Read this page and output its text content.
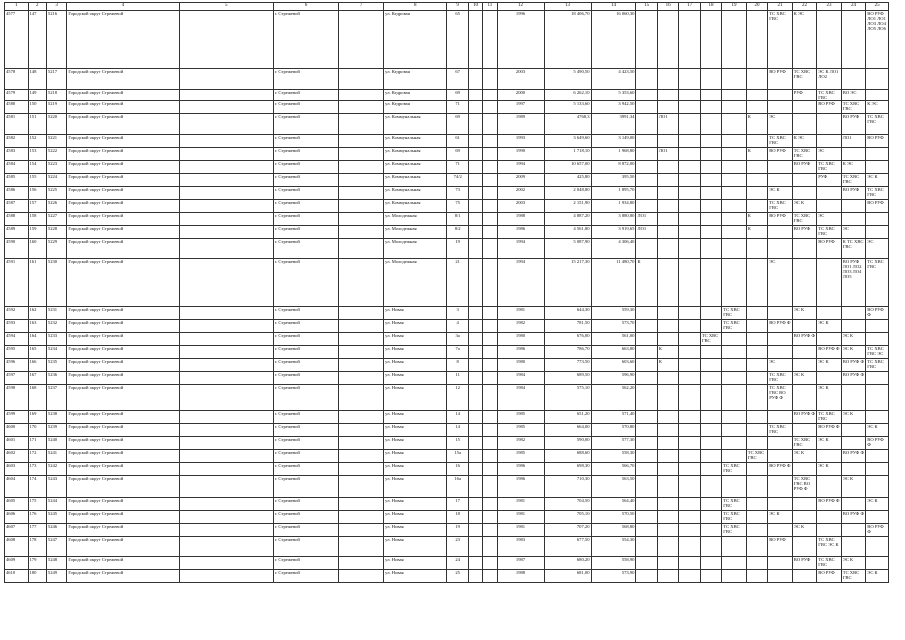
1	2	3	4	5	6	7	8	9	10	11	12	13	14	15	16	17	18	19	20	21	22	23	24	25
4577	147	5216	Городской округ Стрежевой		г. Стрежевой		ул. Кедровая	65			1996	18 406,70	16 060,30							ТС ХВС ГВС	К ЭС			ВО РУФ ЛО1 ЛО1 ЛО3 ЛО4 ЛО5 ЛО6
4578	148	5217	Городской округ Стрежевой		г. Стрежевой		ул. Кедровая	67			2003	5 490,50	4 423,50							ВО РУФ	ТС ХВС ГВС	ЭС К ЛО1 ЛО2		
4579	149	5218	Городской округ Стрежевой		г. Стрежевой		ул. Кедровая	69			2000	6 262,10	5 353,60								РУФ	ТС ХВС ГВС	ВО ЭС	
4580	150	5219	Городской округ Стрежевой		г. Стрежевой		ул. Кедровая	71			1997	5 133,60	3 942,50									ВО РУФ	ТС ХВС ГВС	К ЭС
4581	151	5220	Городской округ Стрежевой		г. Стрежевой		ул. Коммунальная	69			1989	4768,3	3991,34		ЛО1				К	ЭС			ВО РУФ	ТС ХВС ГВС
4582	152	5221	Городской округ Стрежевой		г. Стрежевой		ул. Коммунальная	61			1993	3 649,60	3 149,00							ТС ХВС ГВС	К ЭС		ЛО1	ВО РУФ
4583	153	5222	Городской округ Стрежевой		г. Стрежевой		ул. Коммунальная	69			1990	1 718,10	1 968,80		ЛО1				К	ВО РУФ	ТС ХВС ГВС	ЭС		
4584	154	5223	Городской округ Стрежевой		г. Стрежевой		ул. Коммунальная	71			1994	10 657,00	8 872,00								ВО РУФ	ТС ХВС ГВС	К ЭС	
4585	155	5224	Городской округ Стрежевой		г. Стрежевой		ул. Коммунальная	74/2			2009	425,80	395,50									РУФ	ТС ХВС ГВС	ЭС К
4586	156	5225	Городской округ Стрежевой		г. Стрежевой		ул. Коммунальная	73			2002	2 048,80	1 895,70							ЭС К			ВО РУФ	ТС ХВС ГВС
4587	157	5226	Городской округ Стрежевой		г. Стрежевой		ул. Коммунальная	75			2003	2 151,90	1 934,80							ТС ХВС ГВС	ЭС К			ВО РУФ
4588	158	5227	Городской округ Стрежевой		г. Стрежевой		ул. Молодежная	8/1			1988	4 887,20	3 880,80	ЛО1					К	ВО РУФ	ТС ХВС ГВС	ЭС		
4589	159	5228	Городской округ Стрежевой		г. Стрежевой		ул. Молодежная	8/2			1986	4 561,80	3 919,65	ЛО1					К		ВО РУФ	ТС ХВС ГВС	ЭС	
4590	160	5229	Городской округ Стрежевой		г. Стрежевой		ул. Молодежная	19			1994	5 087,90	4 306,40									ВО РУФ	К ТС ХВС ГВС	ЭС
4591	161	5230	Городской округ Стрежевой		г. Стрежевой		ул. Молодежная	21			1994	15 217,30	11 480,70	К						ЭС			ВО РУФ ЛО1 ЛО2 ЛО3 ЛО4 ЛО5	ТС ХВС ГВС
4592	162	5231	Городской округ Стрежевой		г. Стрежевой		ул. Новая	3			1981	644,30	559,30					ТС ХВС ГВС			ЭС К			ВО РУФ Ф
4593	163	5232	Городской округ Стрежевой		г. Стрежевой		ул. Новая	4			1982	781,50	573,70					ТС ХВС ГВС		ВО РУФ Ф		ЭС К		
4594	164	5233	Городской округ Стрежевой		г. Стрежевой		ул. Новая	3а			1980	676,00	561,00				ТС ХВС ГВС				ВО РУФ Ф		ЭС К	
4595	165	5234	Городской округ Стрежевой		г. Стрежевой		ул. Новая	7а			1986	786,70	663,80		К							ВО РУФ Ф	ЭС К	ТС ХВС ГВС ЭС
4596	166	5235	Городской округ Стрежевой		г. Стрежевой		ул. Новая	8			1980	773,50	603,60		К					ЭС		ЭС К	ВО РУФ Ф	ТС ХВС ГВС
4597	167	5236	Городской округ Стрежевой		г. Стрежевой		ул. Новая	11			1984	689,50	596,90							ТС ХВС ГВС	ЭС К		ВО РУФ Ф	
4598	168	5237	Городской округ Стрежевой		г. Стрежевой		ул. Новая	12			1984	575,10	562,20							ТС ХВС ГВС ВО РУФ Ф		ЭС К		
4599	169	5238	Городской округ Стрежевой		г. Стрежевой		ул. Новая	14			1985	651,20	571,40								ВО РУФ Ф	ТС ХВС ГВС	ЭС К	
4600	170	5239	Городской округ Стрежевой		г. Стрежевой		ул. Новая	14			1985	664,00	570,80							ТС ХВС ГВС		ВО РУФ Ф		ЭС К
4601	171	5240	Городской округ Стрежевой		г. Стрежевой		ул. Новая	15			1982	590,00	577,30								ТС ХВС ГВС	ЭС К		ВО РУФ Ф
4602	172	5241	Городской округ Стрежевой		г. Стрежевой		ул. Новая	15а			1985	688,60	558,30						ТС ХВС ГВС		ЭС К		ВО РУФ Ф	
4603	173	5242	Городской округ Стрежевой		г. Стрежевой		ул. Новая	16			1986	698,30	566,70					ТС ХВС ГВС		ВО РУФ Ф		ЭС К		
4604	174	5243	Городской округ Стрежевой		г. Стрежевой		ул. Новая	16а			1986	710,30	563,50								ТС ХВС ГВС ВО РУФ Ф		ЭС К	
4605	175	5244	Городской округ Стрежевой		г. Стрежевой		ул. Новая	17			1981	704,50	564,40					ТС ХВС ГВС				ВО РУФ Ф		ЭС К
4606	176	5245	Городской округ Стрежевой		г. Стрежевой		ул. Новая	18			1981	705,10	570,50					ТС ХВС ГВС		ЭС К			ВО РУФ Ф	
4607	177	5246	Городской округ Стрежевой		г. Стрежевой		ул. Новая	19			1981	707,20	568,80					ТС ХВС ГВС			ЭС К			ВО РУФ Ф
4608	178	5247	Городской округ Стрежевой		г. Стрежевой		ул. Новая	23			1983	677,50	554,30							ВО РУФ		ТС ХВС ГВС ЭС К		
4609	179	5248	Городской округ Стрежевой		г. Стрежевой		ул. Новая	24			1987	680,20	558,90								ВО РУФ	ТС ХВС ГВС	ЭС К	
4610	180	5249	Городской округ Стрежевой		г. Стрежевой		ул. Новая	25			1988	681,00	573,90									ВО РУФ	ТС ХВС ГВС	ЭС К
